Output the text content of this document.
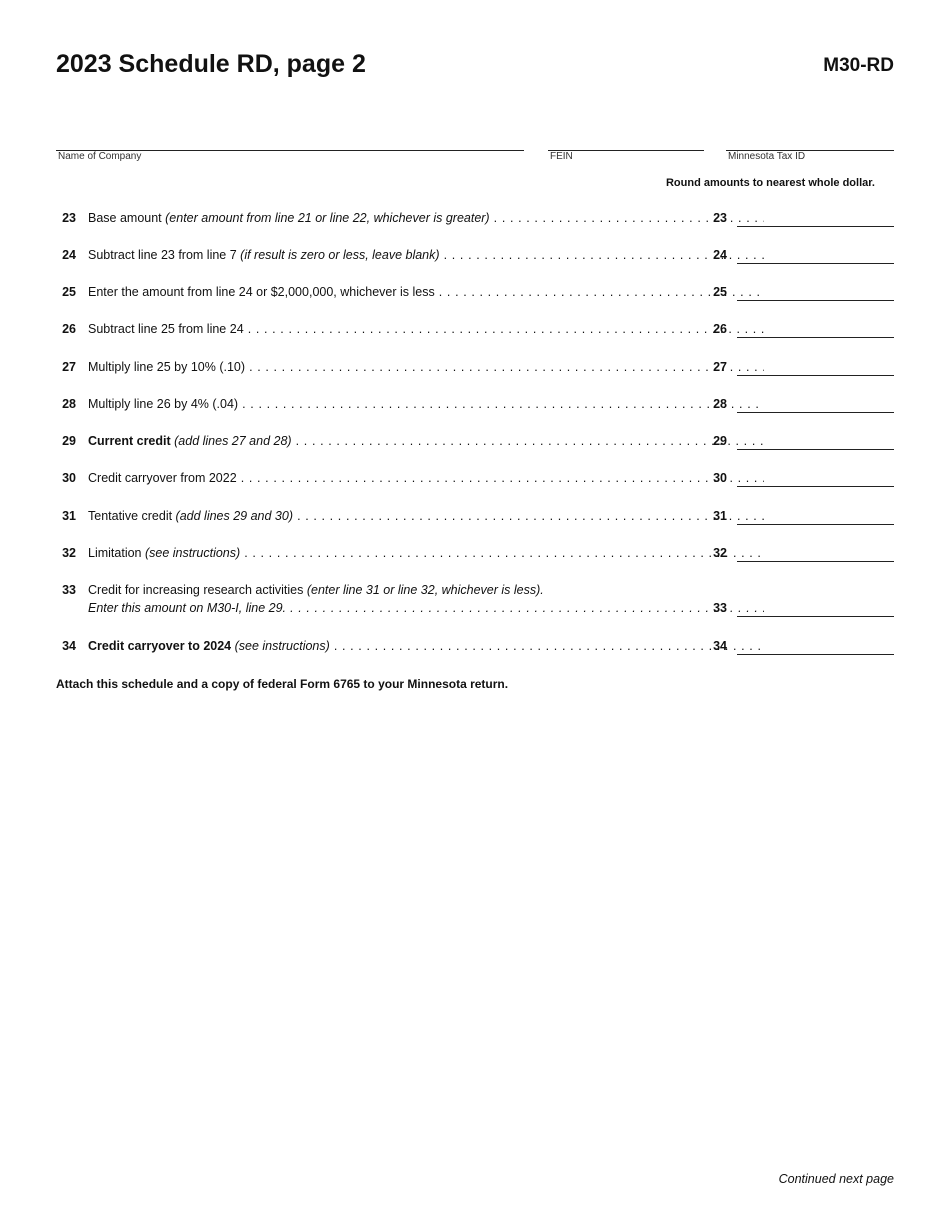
2023 Schedule RD, page 2	M30-RD
Name of Company	FEIN	Minnesota Tax ID
Round amounts to nearest whole dollar.
23 Base amount (enter amount from line 21 or line 22, whichever is greater) . . .	23
24 Subtract line 23 from line 7 (if result is zero or less, leave blank) . . .	24
25 Enter the amount from line 24 or $2,000,000, whichever is less . . .	25
26 Subtract line 25 from line 24 . . .	26
27 Multiply line 25 by 10% (.10) . . .	27
28 Multiply line 26 by 4% (.04) . . .	28
29 Current credit (add lines 27 and 28) . . .	29
30 Credit carryover from 2022 . . .	30
31 Tentative credit (add lines 29 and 30) . . .	31
32 Limitation (see instructions) . . .	32
33 Credit for increasing research activities (enter line 31 or line 32, whichever is less).
Enter this amount on M30-I, line 29. . . .	33
34 Credit carryover to 2024 (see instructions) . . .	34
Attach this schedule and a copy of federal Form 6765 to your Minnesota return.
Continued next page
